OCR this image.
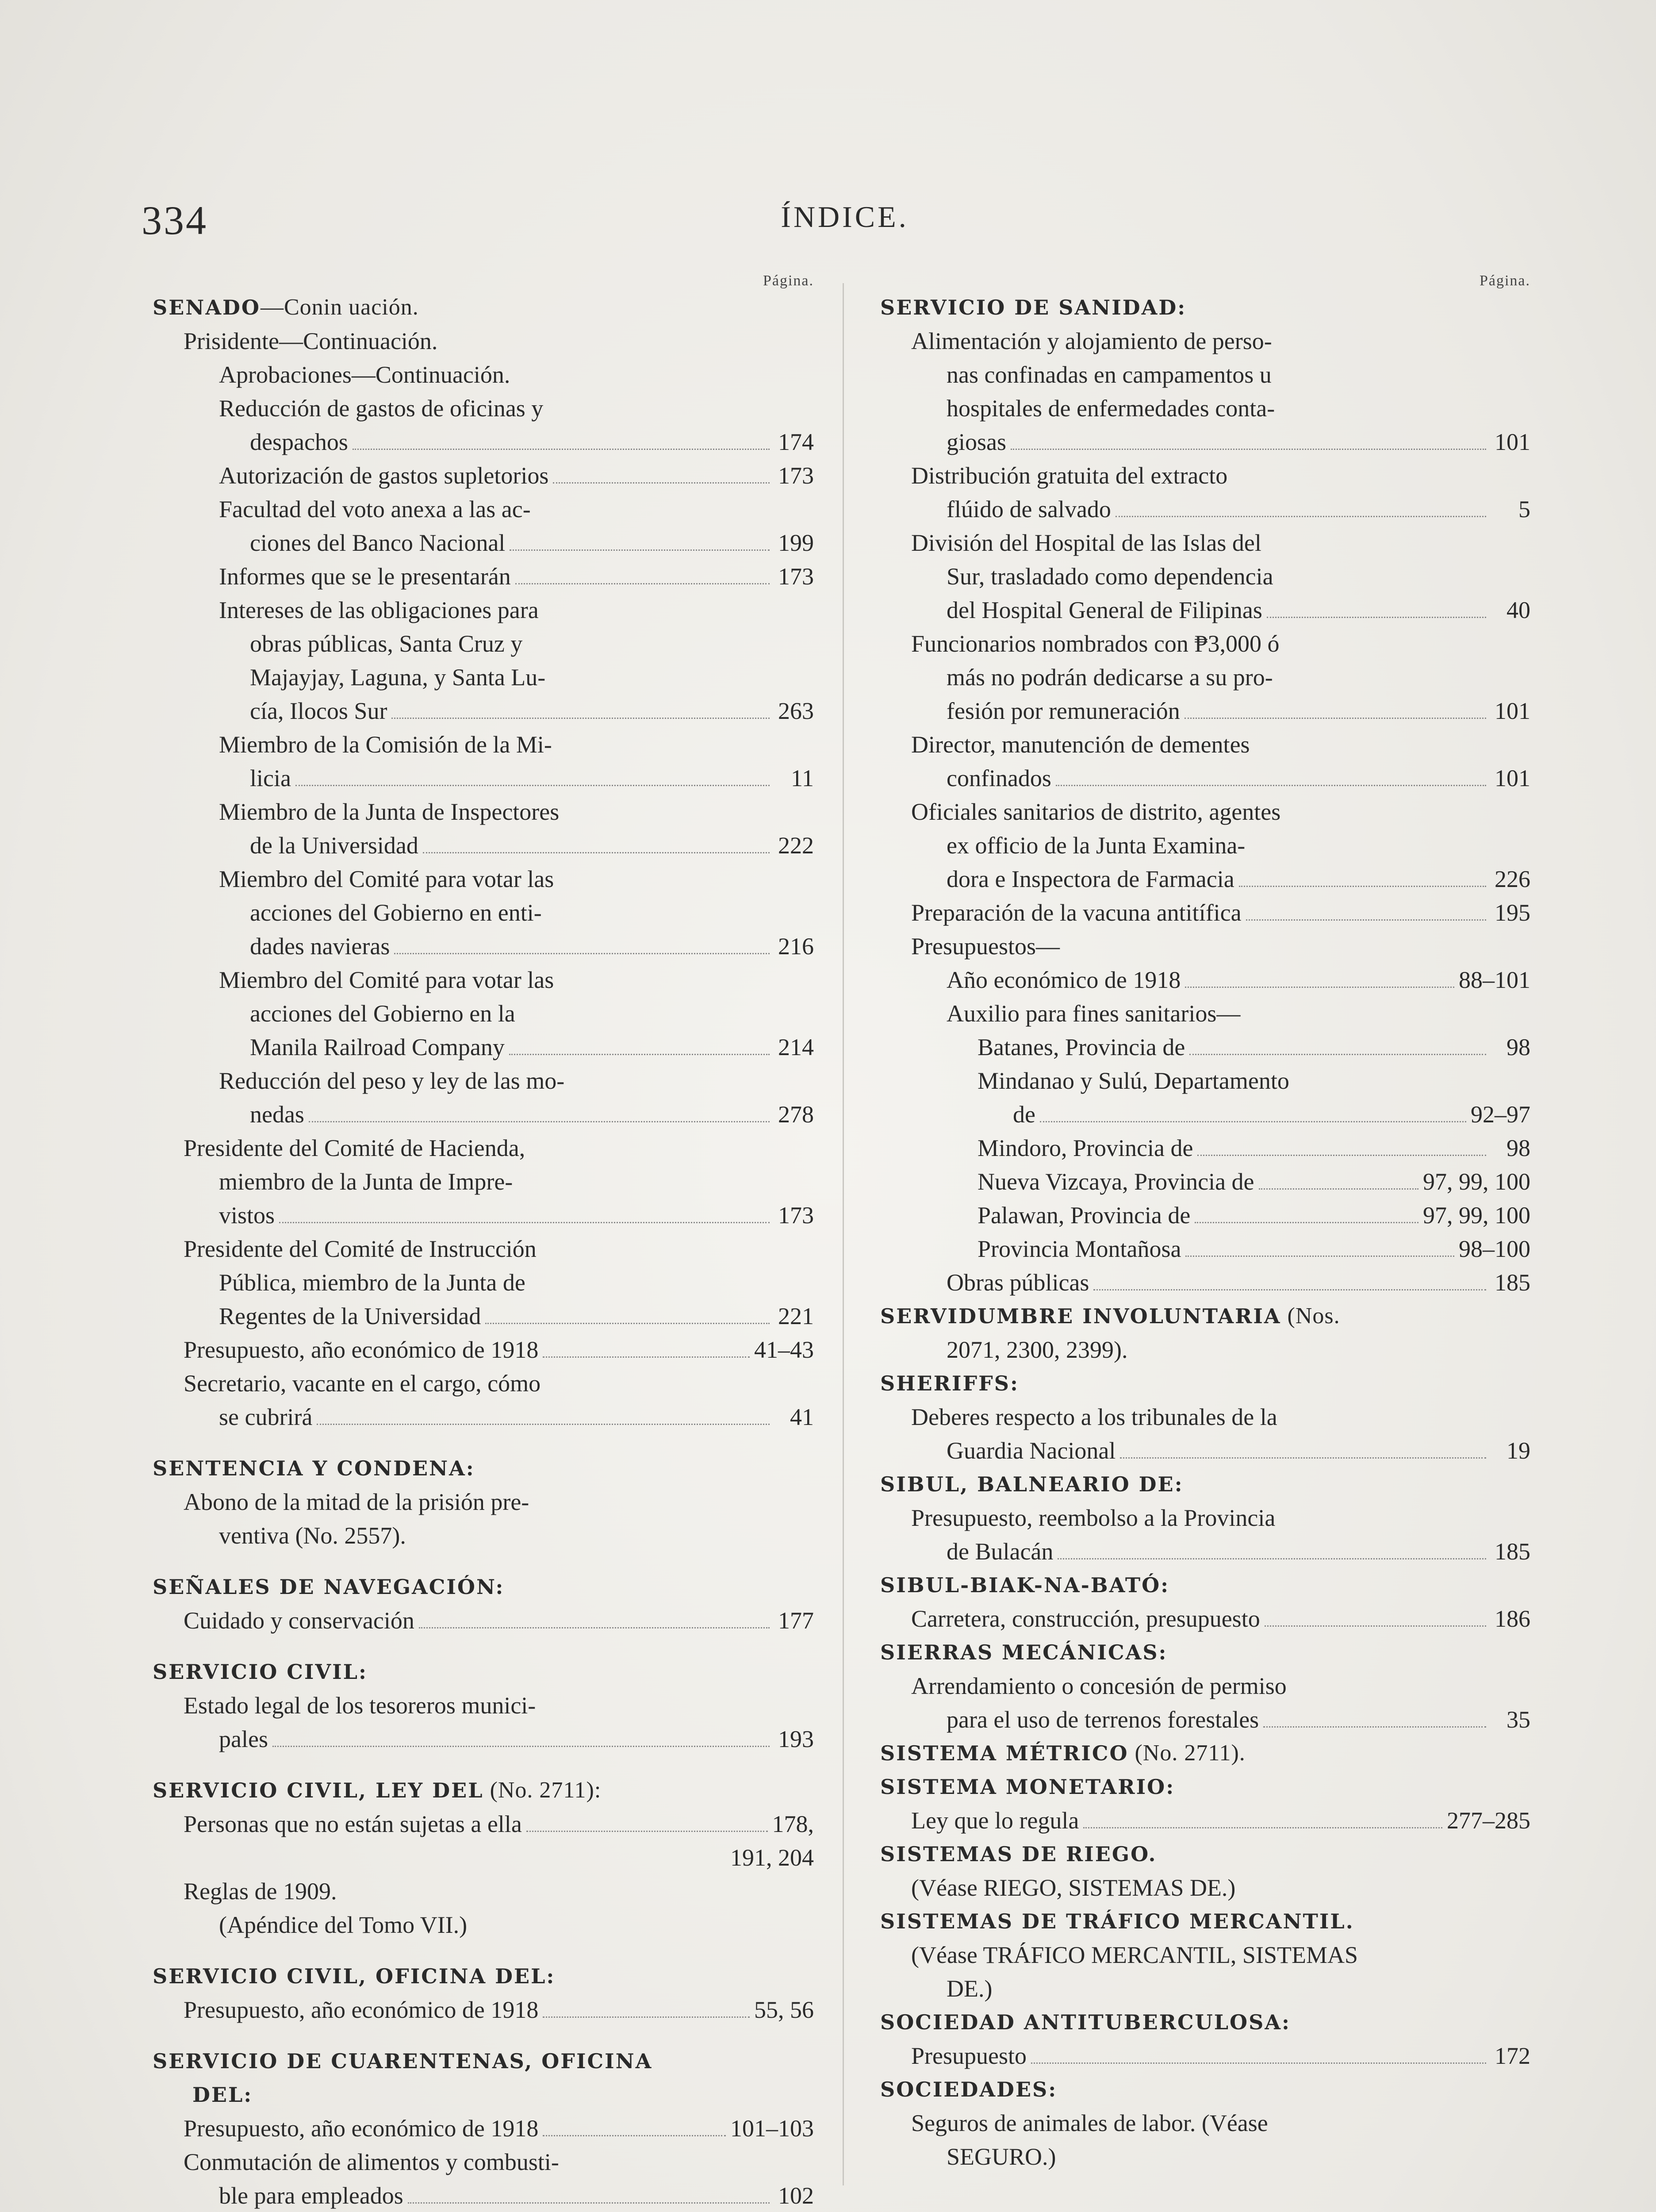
334	ÍNDICE.
Página.
SENADO—Conin uación.
Prisidente—Continuación.
Aprobaciones—Continuación.
Reducción de gastos de oficinas y
despachos	174
Autorización de gastos supletorios	173
Facultad del voto anexa a las ac-
ciones del Banco Nacional	199
Informes que se le presentarán	173
Intereses de las obligaciones para
obras públicas, Santa Cruz y
Majayjay, Laguna, y Santa Lu-
cía, Ilocos Sur	263
Miembro de la Comisión de la Mi-
licia	11
Miembro de la Junta de Inspectores
de la Universidad	222
Miembro del Comité para votar las
acciones del Gobierno en enti-
dades navieras	216
Miembro del Comité para votar las
acciones del Gobierno en la
Manila Railroad Company	214
Reducción del peso y ley de las mo-
nedas	278
Presidente del Comité de Hacienda,
miembro de la Junta de Impre-
vistos	173
Presidente del Comité de Instrucción
Pública, miembro de la Junta de
Regentes de la Universidad	221
Presupuesto, año económico de 1918	41–43
Secretario, vacante en el cargo, cómo
se cubrirá	41
SENTENCIA Y CONDENA:
Abono de la mitad de la prisión pre-
ventiva (No. 2557).
SEÑALES DE NAVEGACIÓN:
Cuidado y conservación	177
SERVICIO CIVIL:
Estado legal de los tesoreros munici-
pales	193
SERVICIO CIVIL, LEY DEL (No. 2711):
Personas que no están sujetas a ella	178,
191, 204
Reglas de 1909.
(Apéndice del Tomo VII.)
SERVICIO CIVIL, OFICINA DEL:
Presupuesto, año económico de 1918	55, 56
SERVICIO DE CUARENTENAS, OFICINA
DEL:
Presupuesto, año económico de 1918	101–103
Conmutación de alimentos y combusti-
ble para empleados	102
Página.
SERVICIO DE SANIDAD:
Alimentación y alojamiento de perso-
nas confinadas en campamentos u
hospitales de enfermedades conta-
giosas	101
Distribución gratuita del extracto
flúido de salvado	5
División del Hospital de las Islas del
Sur, trasladado como dependencia
del Hospital General de Filipinas	40
Funcionarios nombrados con ₱3,000 ó
más no podrán dedicarse a su pro-
fesión por remuneración	101
Director, manutención de dementes
confinados	101
Oficiales sanitarios de distrito, agentes
ex officio de la Junta Examina-
dora e Inspectora de Farmacia	226
Preparación de la vacuna antitífica	195
Presupuestos—
Año económico de 1918	88–101
Auxilio para fines sanitarios—
Batanes, Provincia de	98
Mindanao y Sulú, Departamento
de	92–97
Mindoro, Provincia de	98
Nueva Vizcaya, Provincia de	97, 99, 100
Palawan, Provincia de	97, 99, 100
Provincia Montañosa	98–100
Obras públicas	185
SERVIDUMBRE INVOLUNTARIA (Nos.
2071, 2300, 2399).
SHERIFFS:
Deberes respecto a los tribunales de la
Guardia Nacional	19
SIBUL, BALNEARIO DE:
Presupuesto, reembolso a la Provincia
de Bulacán	185
SIBUL-BIAK-NA-BATÓ:
Carretera, construcción, presupuesto	186
SIERRAS MECÁNICAS:
Arrendamiento o concesión de permiso
para el uso de terrenos forestales	35
SISTEMA MÉTRICO (No. 2711).
SISTEMA MONETARIO:
Ley que lo regula	277–285
SISTEMAS DE RIEGO.
(Véase RIEGO, SISTEMAS DE.)
SISTEMAS DE TRÁFICO MERCANTIL.
(Véase TRÁFICO MERCANTIL, SISTEMAS
DE.)
SOCIEDAD ANTITUBERCULOSA:
Presupuesto	172
SOCIEDADES:
Seguros de animales de labor. (Véase
SEGURO.)
